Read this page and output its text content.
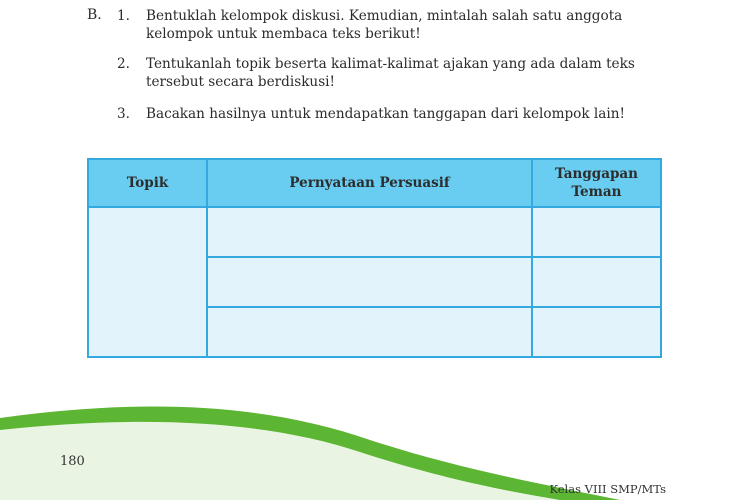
B. 1. Bentuklah kelompok diskusi. Kemudian, mintalah salah satu anggota kelompok untuk membaca teks berikut!
2. Tentukanlah topik beserta kalimat-kalimat ajakan yang ada dalam teks tersebut secara berdiskusi!
3. Bacakan hasilnya untuk mendapatkan tanggapan dari kelompok lain!
Topik	Pernyataan Persuasif	Tanggapan Teman

180
Kelas VIII SMP/MTs
